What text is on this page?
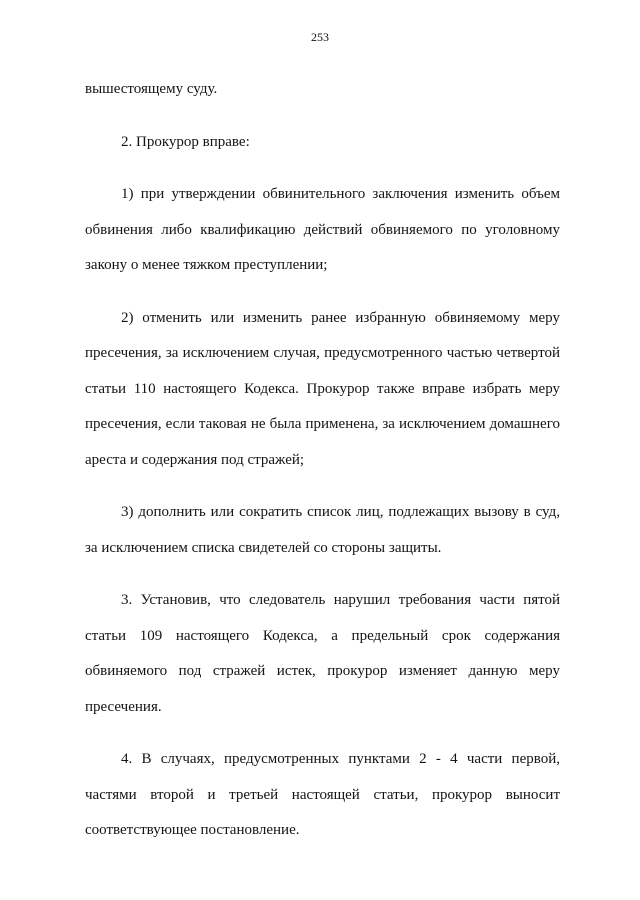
253

вышестоящему суду.

2. Прокурор вправе:

1) при утверждении обвинительного заключения изменить объем обвинения либо квалификацию действий обвиняемого по уголовному закону о менее тяжком преступлении;

2) отменить или изменить ранее избранную обвиняемому меру пресечения, за исключением случая, предусмотренного частью четвертой статьи 110 настоящего Кодекса. Прокурор также вправе избрать меру пресечения, если таковая не была применена, за исключением домашнего ареста и содержания под стражей;

3) дополнить или сократить список лиц, подлежащих вызову в суд, за исключением списка свидетелей со стороны защиты.

3. Установив, что следователь нарушил требования части пятой статьи 109 настоящего Кодекса, а предельный срок содержания обвиняемого под стражей истек, прокурор изменяет данную меру пресечения.

4. В случаях, предусмотренных пунктами 2 - 4 части первой, частями второй и третьей настоящей статьи, прокурор выносит соответствующее постановление.
